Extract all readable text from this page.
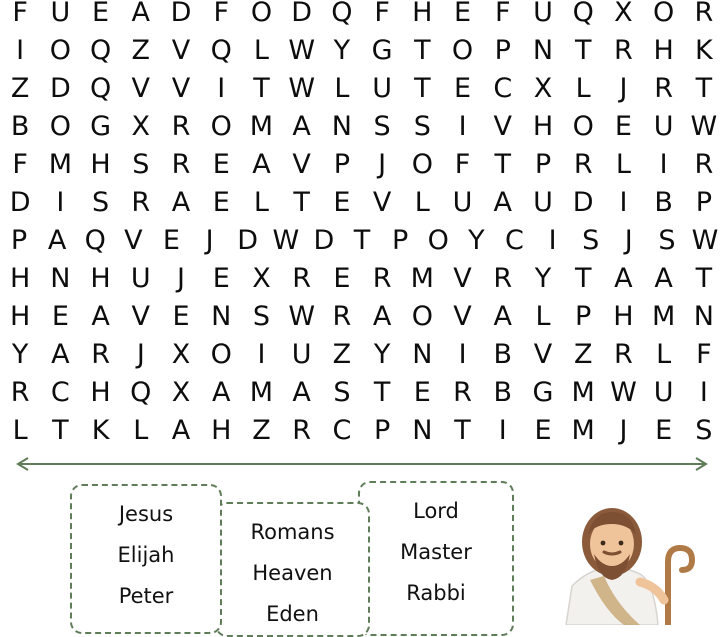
F U E A D F O D Q F H E F U Q X O R
I O Q Z V Q L W Y G T O P N T R H K
Z D Q V V	I	T W L U T E C X L	J R T
B O G X R O M A N S S	I V H O E U W
F M H S R E A V P	J O F T P R L	I R
D I	S R A E L T E V L U A U D I B P
P A Q V E J D W D T P O Y C I S J S W
H N H U J	E X R E R M V R Y T A A T
H E A V E N S W R A O V A L P H M N
Y A R J X O I U Z Y N I B V Z R L F
R C H Q X A M A S T E R B G M W U I
L T K L A H Z R C P N T	I	E M J	E S
Jesus
Elijah
Peter
Romans
Heaven
Eden
Lord
Master
Rabbi
